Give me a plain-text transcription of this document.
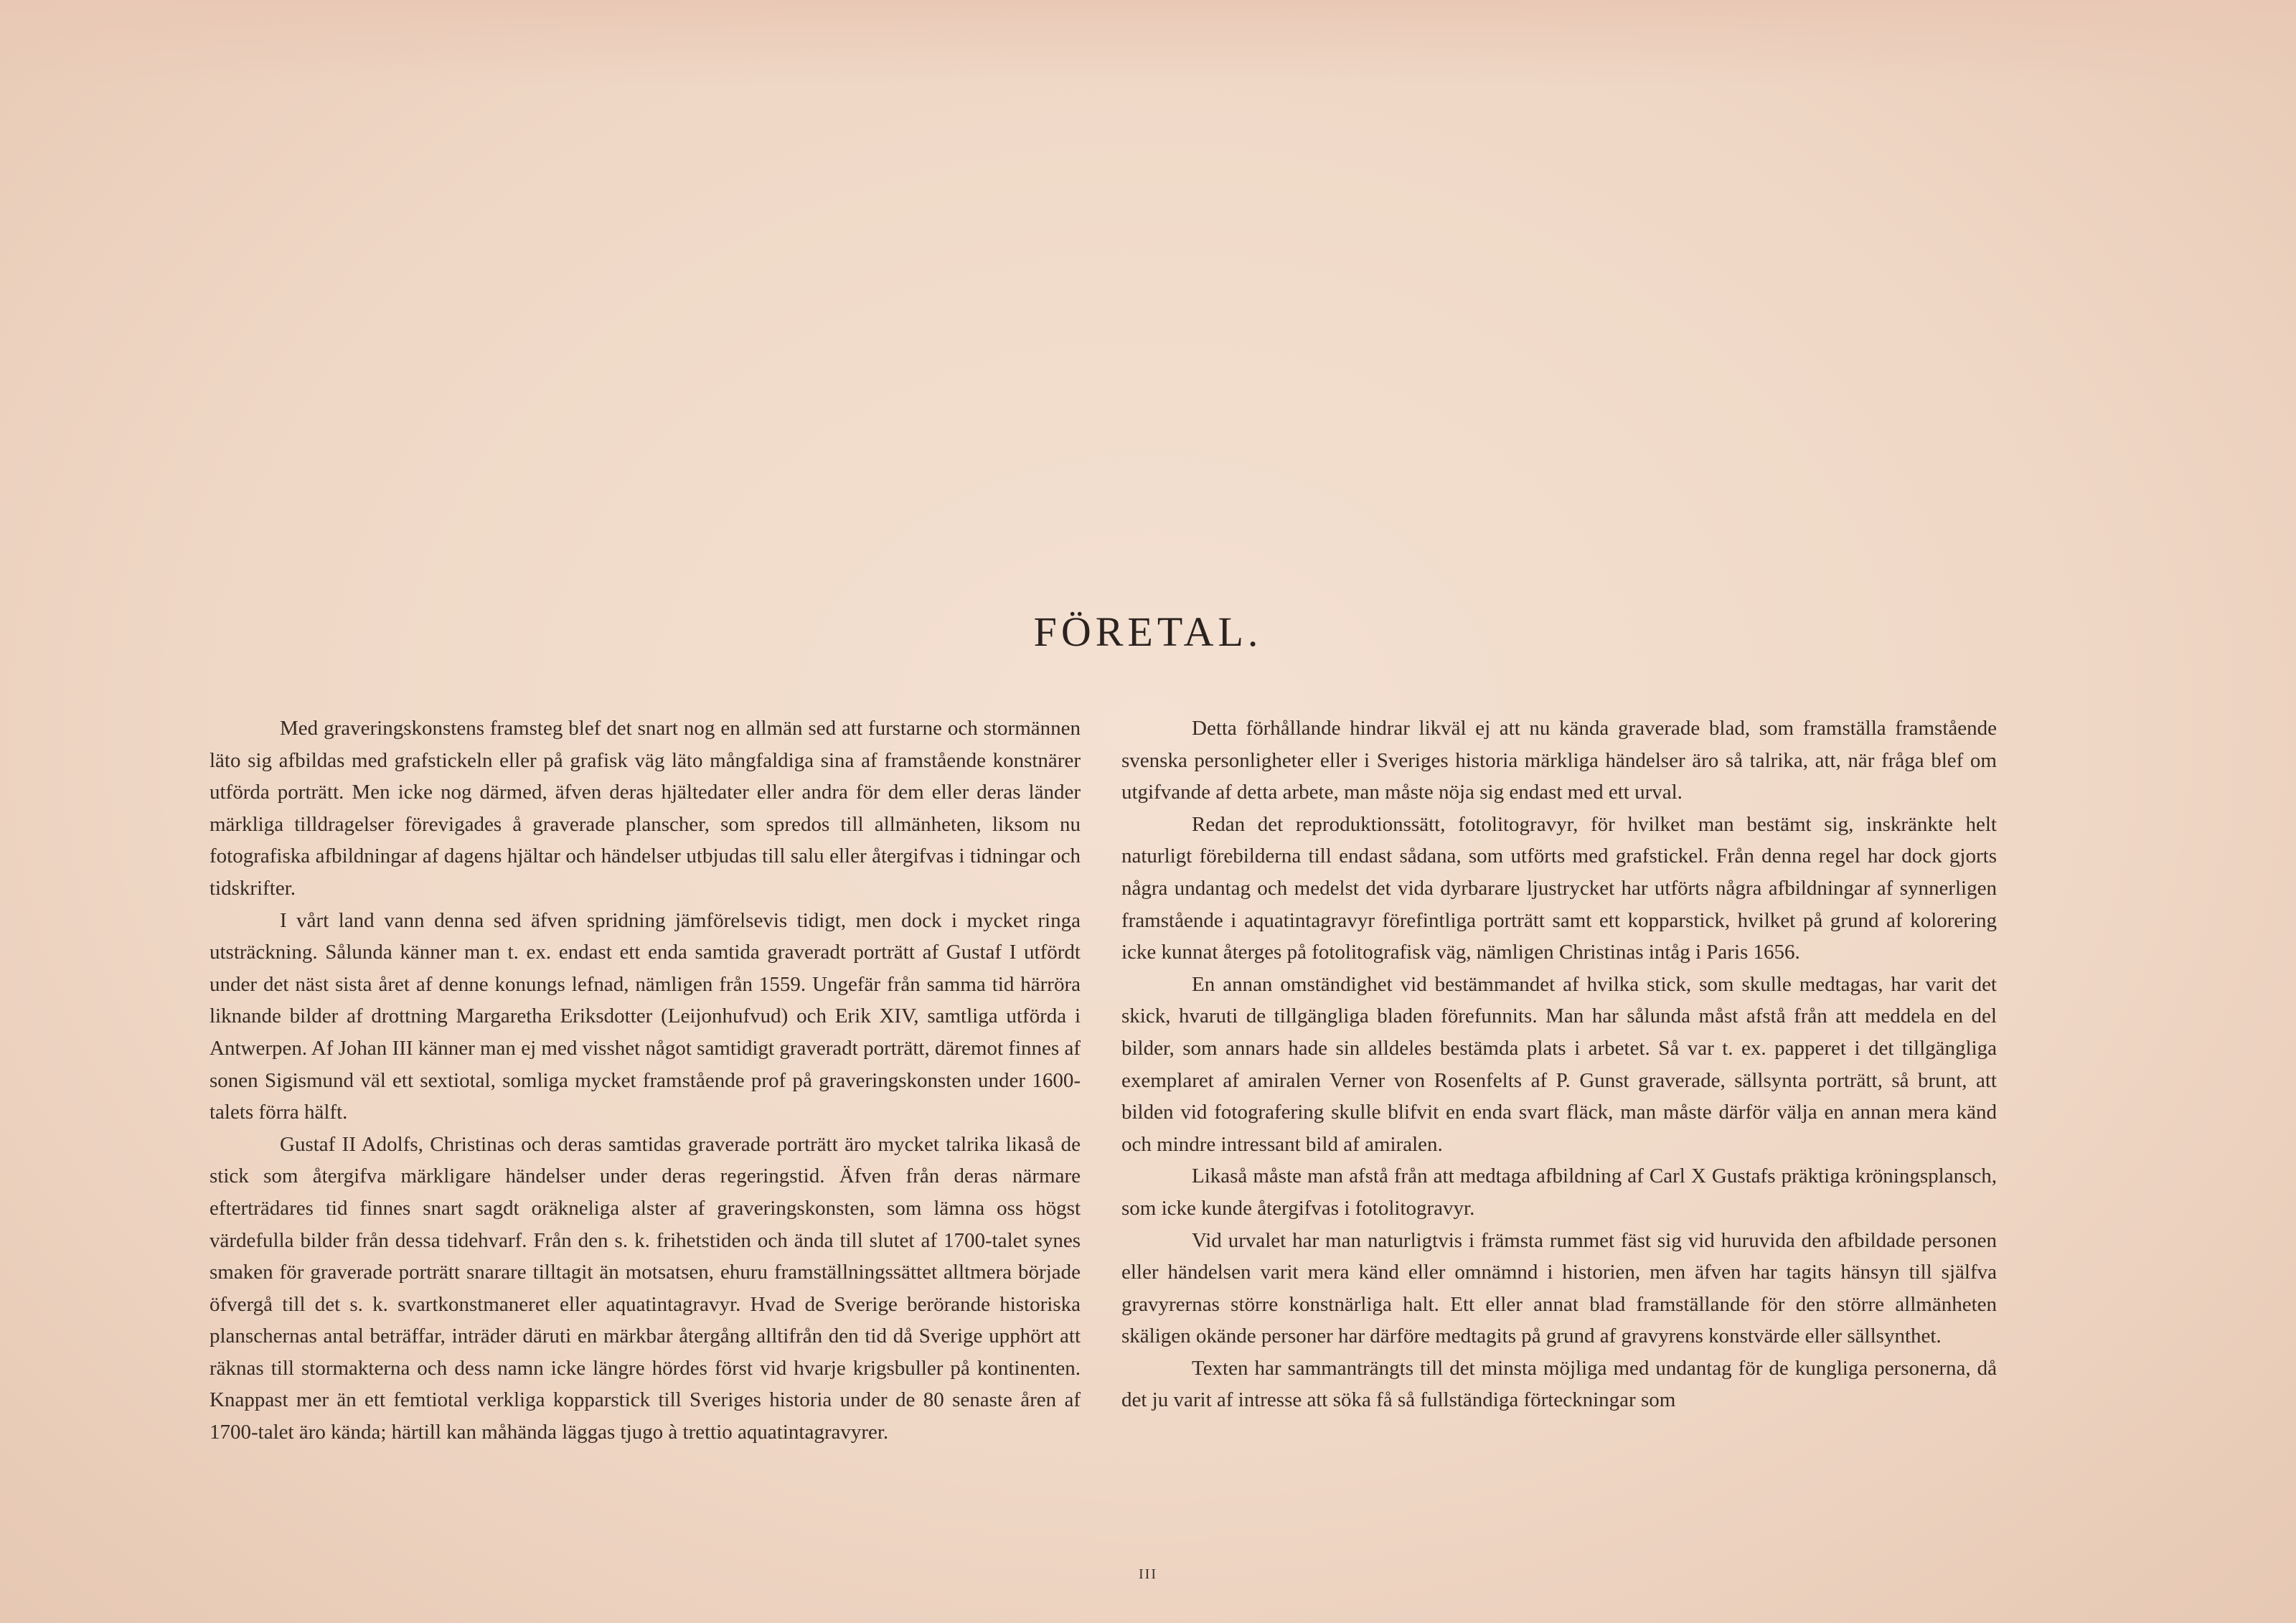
FÖRETAL.

Med graveringskonstens framsteg blef det snart nog en allmän sed att furstarne och stormännen läto sig afbildas med grafstickeln eller på grafisk väg läto mångfaldiga sina af framstående konstnärer utförda porträtt. Men icke nog därmed, äfven deras hjältedater eller andra för dem eller deras länder märkliga tilldragelser förevigades å graverade planscher, som spredos till allmänheten, liksom nu fotografiska afbildningar af dagens hjältar och händelser utbjudas till salu eller återgifvas i tidningar och tidskrifter.

I vårt land vann denna sed äfven spridning jämförelsevis tidigt, men dock i mycket ringa utsträckning. Sålunda känner man t. ex. endast ett enda samtida graveradt porträtt af Gustaf I utfördt under det näst sista året af denne konungs lefnad, nämligen från 1559. Ungefär från samma tid härröra liknande bilder af drottning Margaretha Eriksdotter (Leijonhufvud) och Erik XIV, samtliga utförda i Antwerpen. Af Johan III känner man ej med visshet något samtidigt graveradt porträtt, däremot finnes af sonen Sigismund väl ett sextiotal, somliga mycket framstående prof på graveringskonsten under 1600-talets förra hälft.

Gustaf II Adolfs, Christinas och deras samtidas graverade porträtt äro mycket talrika likaså de stick som återgifva märkligare händelser under deras regeringstid. Äfven från deras närmare efterträdares tid finnes snart sagdt oräkneliga alster af graveringskonsten, som lämna oss högst värdefulla bilder från dessa tidehvarf. Från den s. k. frihetstiden och ända till slutet af 1700-talet synes smaken för graverade porträtt snarare tilltagit än motsatsen, ehuru framställningssättet alltmera började öfvergå till det s. k. svartkonstmaneret eller aquatintagravyr. Hvad de Sverige berörande historiska planschernas antal beträffar, inträder däruti en märkbar återgång alltifrån den tid då Sverige upphört att räknas till stormakterna och dess namn icke längre hördes först vid hvarje krigsbuller på kontinenten. Knappast mer än ett femtiotal verkliga kopparstick till Sveriges historia under de 80 senaste åren af 1700-talet äro kända; härtill kan måhända läggas tjugo à trettio aquatintagravyrer.

Detta förhållande hindrar likväl ej att nu kända graverade blad, som framställa framstående svenska personligheter eller i Sveriges historia märkliga händelser äro så talrika, att, när fråga blef om utgifvande af detta arbete, man måste nöja sig endast med ett urval.

Redan det reproduktionssätt, fotolitogravyr, för hvilket man bestämt sig, inskränkte helt naturligt förebilderna till endast sådana, som utförts med grafstickel. Från denna regel har dock gjorts några undantag och medelst det vida dyrbarare ljustrycket har utförts några afbildningar af synnerligen framstående i aquatintagravyr förefintliga porträtt samt ett kopparstick, hvilket på grund af kolorering icke kunnat återges på fotolitografisk väg, nämligen Christinas intåg i Paris 1656.

En annan omständighet vid bestämmandet af hvilka stick, som skulle medtagas, har varit det skick, hvaruti de tillgängliga bladen förefunnits. Man har sålunda måst afstå från att meddela en del bilder, som annars hade sin alldeles bestämda plats i arbetet. Så var t. ex. papperet i det tillgängliga exemplaret af amiralen Verner von Rosenfelts af P. Gunst graverade, sällsynta porträtt, så brunt, att bilden vid fotografering skulle blifvit en enda svart fläck, man måste därför välja en annan mera känd och mindre intressant bild af amiralen.

Likaså måste man afstå från att medtaga afbildning af Carl X Gustafs präktiga kröningsplansch, som icke kunde återgifvas i fotolitogravyr.

Vid urvalet har man naturligtvis i främsta rummet fäst sig vid huruvida den afbildade personen eller händelsen varit mera känd eller omnämnd i historien, men äfven har tagits hänsyn till själfva gravyrernas större konstnärliga halt. Ett eller annat blad framställande för den större allmänheten skäligen okände personer har därföre medtagits på grund af gravyrens konstvärde eller sällsynthet.

Texten har sammanträngts till det minsta möjliga med undantag för de kungliga personerna, då det ju varit af intresse att söka få så fullständiga förteckningar som

III
